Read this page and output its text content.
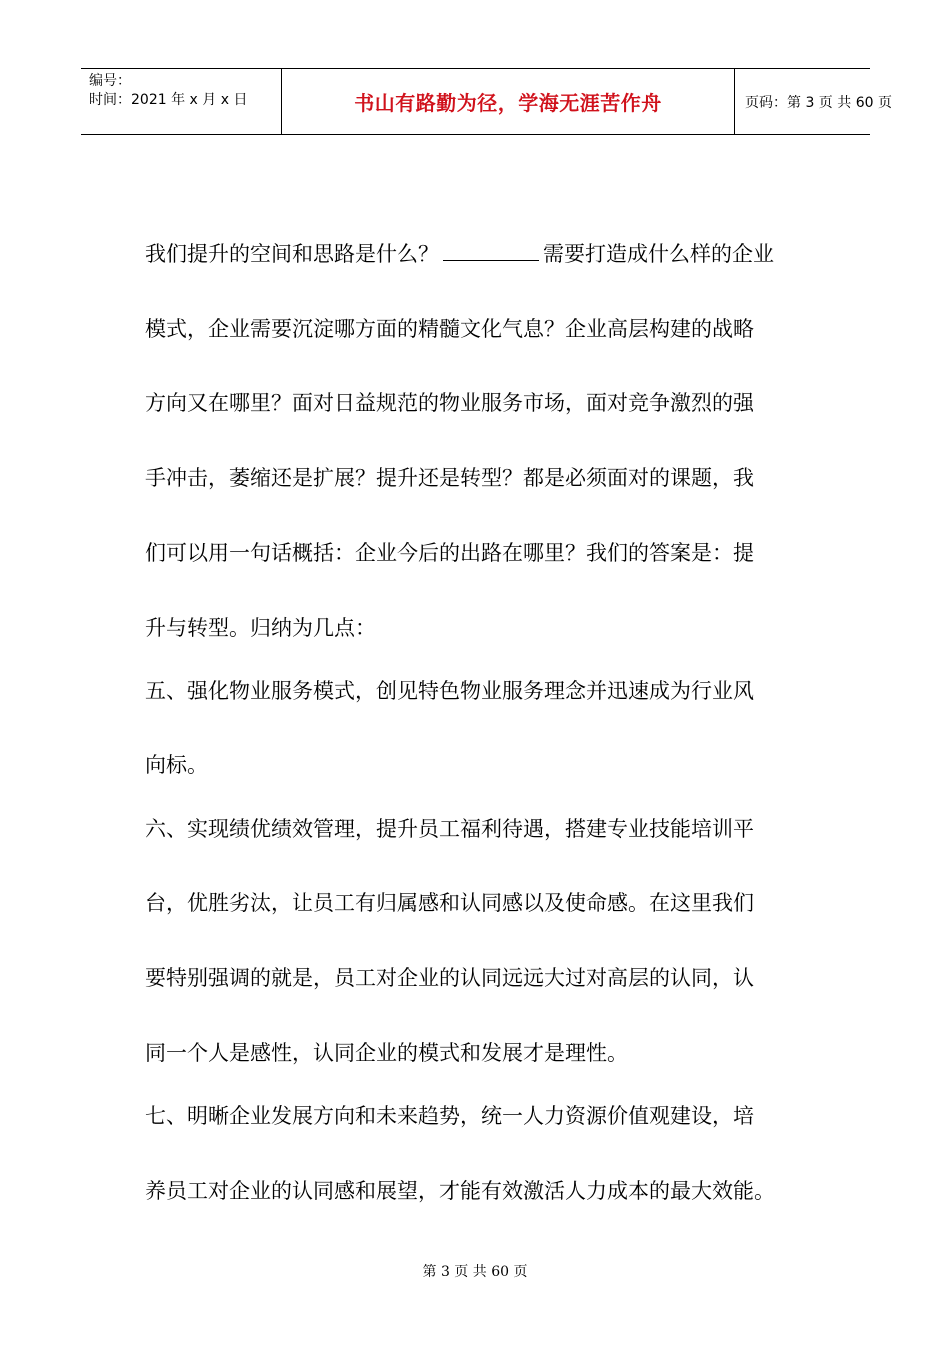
编号：
时间：2021 年 x 月 x 日	书山有路勤为径，学海无涯苦作舟	页码：第 3 页 共 60 页
我们提升的空间和思路是什么？	需要打造成什么样的企业
模式，企业需要沉淀哪方面的精髓文化气息？企业高层构建的战略
方向又在哪里？面对日益规范的物业服务市场，面对竞争激烈的强
手冲击，萎缩还是扩展？提升还是转型？都是必须面对的课题，我
们可以用一句话概括：企业今后的出路在哪里？我们的答案是：提
升与转型。归纳为几点：
五、强化物业服务模式，创见特色物业服务理念并迅速成为行业风
向标。
六、实现绩优绩效管理，提升员工福利待遇，搭建专业技能培训平
台，优胜劣汰，让员工有归属感和认同感以及使命感。在这里我们
要特别强调的就是，员工对企业的认同远远大过对高层的认同，认
同一个人是感性，认同企业的模式和发展才是理性。
七、明晰企业发展方向和未来趋势，统一人力资源价值观建设，培
养员工对企业的认同感和展望，才能有效激活人力成本的最大效能。
第 3 页 共 60 页
